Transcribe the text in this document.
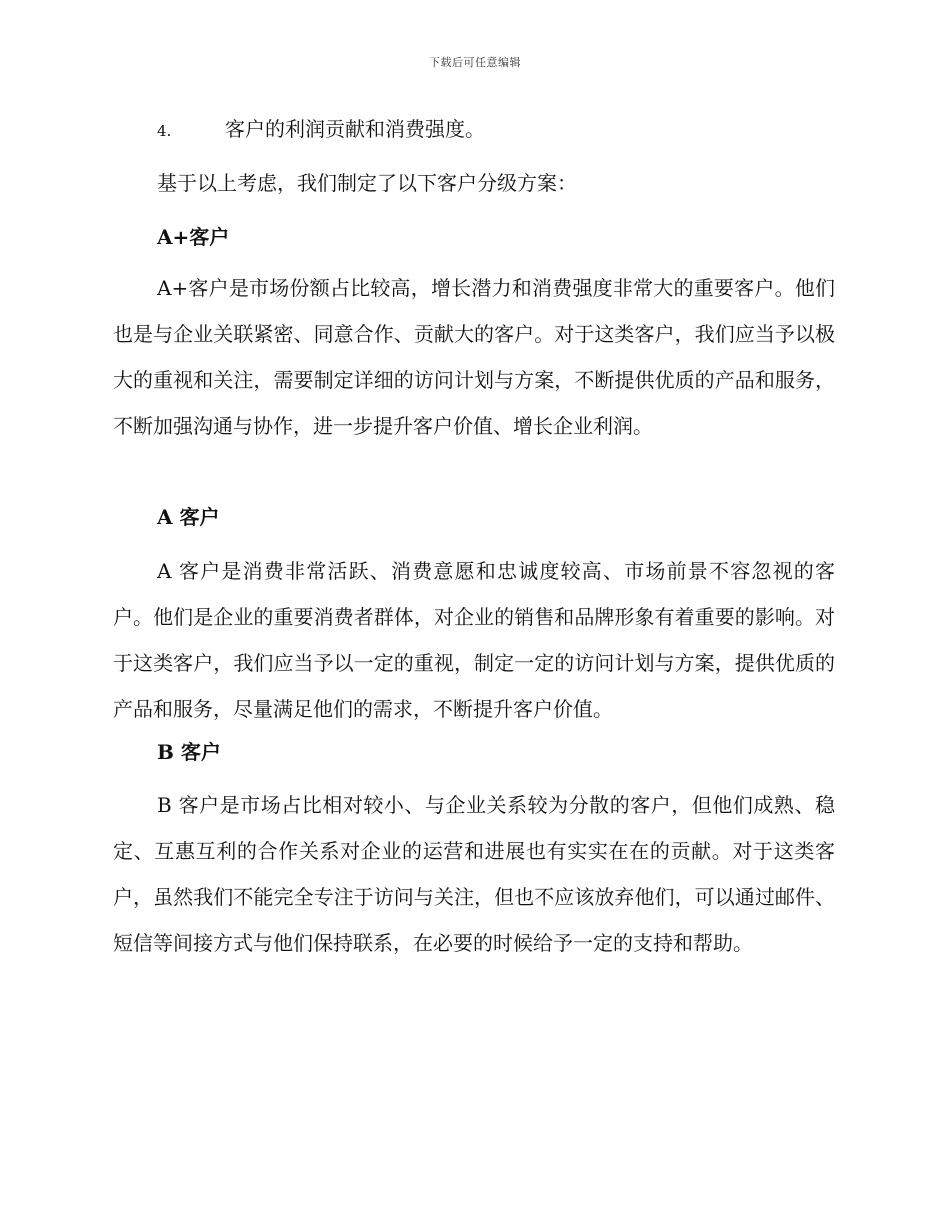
下载后可任意编辑
4.	客户的利润贡献和消费强度。
基于以上考虑，我们制定了以下客户分级方案：
A+客户

A+客户是市场份额占比较高，增长潜力和消费强度非常大的重要客户。他们也是与企业关联紧密、同意合作、贡献大的客户。对于这类客户，我们应当予以极大的重视和关注，需要制定详细的访问计划与方案，不断提供优质的产品和服务，不断加强沟通与协作，进一步提升客户价值、增长企业利润。

A 客户

A 客户是消费非常活跃、消费意愿和忠诚度较高、市场前景不容忽视的客户。他们是企业的重要消费者群体，对企业的销售和品牌形象有着重要的影响。对于这类客户，我们应当予以一定的重视，制定一定的访问计划与方案，提供优质的产品和服务，尽量满足他们的需求，不断提升客户价值。

B 客户

B 客户是市场占比相对较小、与企业关系较为分散的客户，但他们成熟、稳定、互惠互利的合作关系对企业的运营和进展也有实实在在的贡献。对于这类客户，虽然我们不能完全专注于访问与关注，但也不应该放弃他们，可以通过邮件、短信等间接方式与他们保持联系，在必要的时候给予一定的支持和帮助。
